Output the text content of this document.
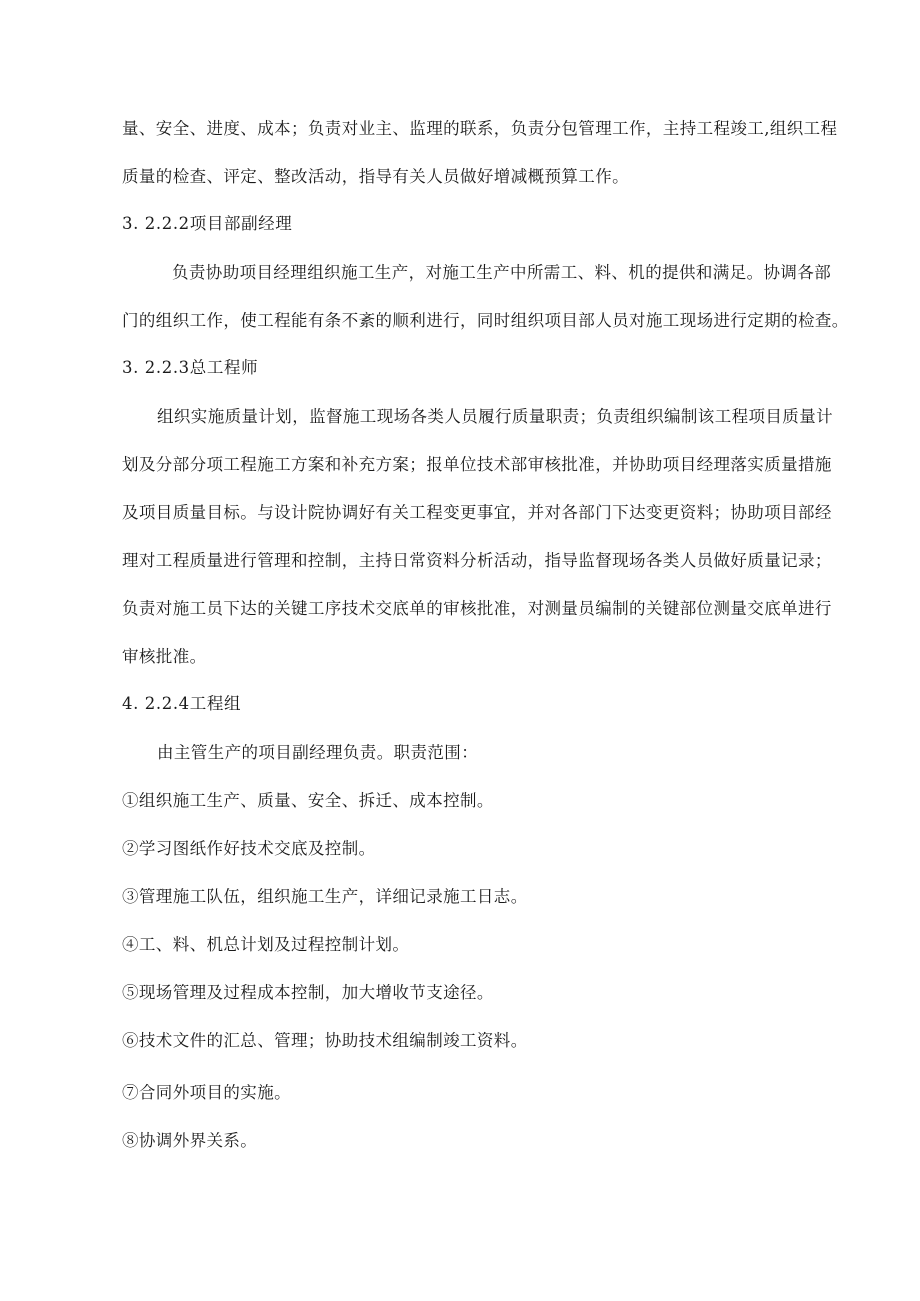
量、安全、进度、成本；负责对业主、监理的联系，负责分包管理工作，主持工程竣工,组织工程
质量的检查、评定、整改活动，指导有关人员做好增减概预算工作。
3. 2.2.2项目部副经理
负责协助项目经理组织施工生产，对施工生产中所需工、料、机的提供和满足。协调各部
门的组织工作，使工程能有条不紊的顺利进行，同时组织项目部人员对施工现场进行定期的检查。
3. 2.2.3总工程师
组织实施质量计划，监督施工现场各类人员履行质量职责；负责组织编制该工程项目质量计
划及分部分项工程施工方案和补充方案；报单位技术部审核批准，并协助项目经理落实质量措施
及项目质量目标。与设计院协调好有关工程变更事宜，并对各部门下达变更资料；协助项目部经
理对工程质量进行管理和控制，主持日常资料分析活动，指导监督现场各类人员做好质量记录；
负责对施工员下达的关键工序技术交底单的审核批准，对测量员编制的关键部位测量交底单进行
审核批准。
4. 2.2.4工程组
由主管生产的项目副经理负责。职责范围：
①组织施工生产、质量、安全、拆迁、成本控制。
②学习图纸作好技术交底及控制。
③管理施工队伍，组织施工生产，详细记录施工日志。
④工、料、机总计划及过程控制计划。
⑤现场管理及过程成本控制，加大增收节支途径。
⑥技术文件的汇总、管理；协助技术组编制竣工资料。
⑦合同外项目的实施。
⑧协调外界关系。
